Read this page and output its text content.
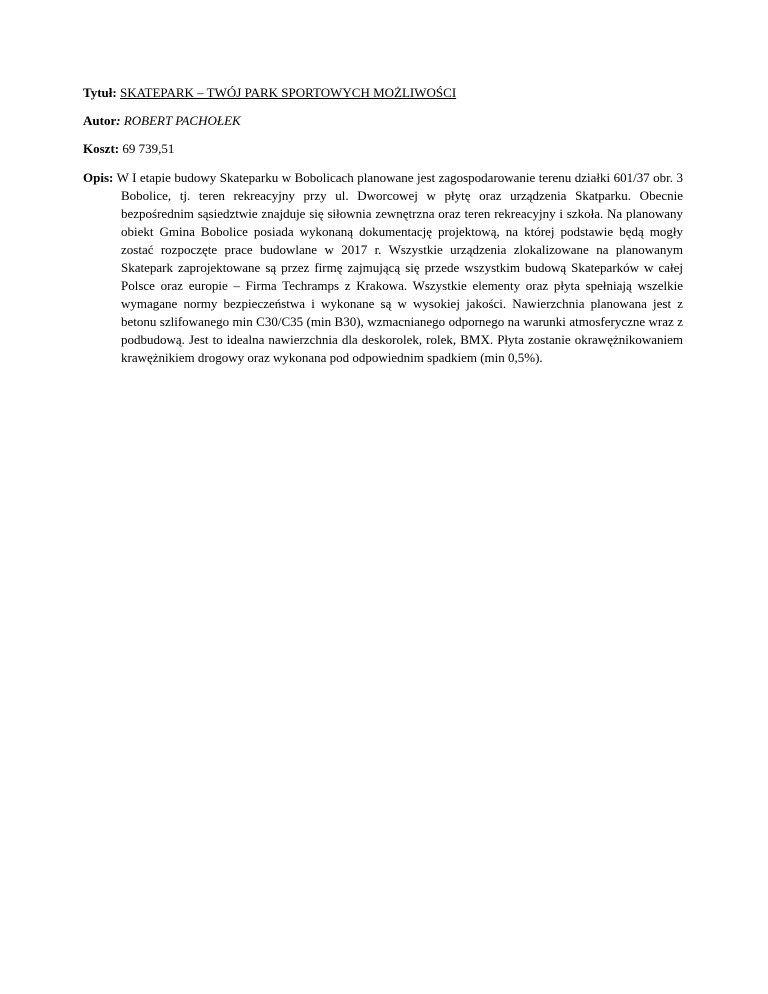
Tytuł: SKATEPARK – TWÓJ PARK SPORTOWYCH MOŻLIWOŚCI

Autor: ROBERT PACHOŁEK

Koszt: 69 739,51

Opis: W I etapie budowy Skateparku w Bobolicach planowane jest zagospodarowanie terenu działki 601/37 obr. 3 Bobolice, tj. teren rekreacyjny przy ul. Dworcowej w płytę oraz urządzenia Skatparku. Obecnie bezpośrednim sąsiedztwie znajduje się siłownia zewnętrzna oraz teren rekreacyjny i szkoła. Na planowany obiekt Gmina Bobolice posiada wykonaną dokumentację projektową, na której podstawie będą mogły zostać rozpoczęte prace budowlane w 2017 r. Wszystkie urządzenia zlokalizowane na planowanym Skatepark zaprojektowane są przez firmę zajmującą się przede wszystkim budową Skateparków w całej Polsce oraz europie – Firma Techramps z Krakowa. Wszystkie elementy oraz płyta spełniają wszelkie wymagane normy bezpieczeństwa i wykonane są w wysokiej jakości. Nawierzchnia planowana jest z betonu szlifowanego min C30/C35 (min B30), wzmacnianego odpornego na warunki atmosferyczne wraz z podbudową. Jest to idealna nawierzchnia dla deskorolek, rolek, BMX. Płyta zostanie okrawężnikowaniem krawężnikiem drogowy oraz wykonana pod odpowiednim spadkiem (min 0,5%).
